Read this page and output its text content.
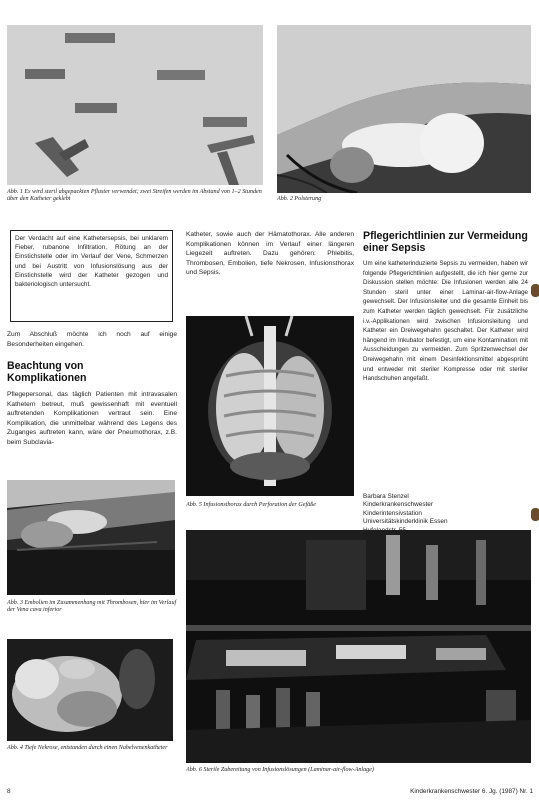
Abb. 1 Es wird steril abgepackten Pflaster verwendet; zwei Streifen werden im Abstand von 1–2 Stunden über den Katheter geklebt	Abb. 2 Polsterung
Der Verdacht auf eine Kathetersepsis, bei unklarem Fieber, rubanone Infiltration, Rötung an der Einstichstelle oder im Verlauf der Vene, Schmerzen und bei Austritt von Infusionslösung aus der Einstichstelle wird der Katheter gezogen und bakteriologisch untersucht.
Zum Abschluß möchte ich noch auf einige Besonderheiten eingehen.
Beachtung von Komplikationen
Pflegepersonal, das täglich Patienten mit intravasalen Kathetern betreut, muß gewissenhaft mit eventuell auftretenden Komplikationen vertraut sein. Eine Komplikation, die unmittelbar während des Legens des Zuganges auftreten kann, wäre der Pneumothorax, z.B. beim Subclavia-
Abb. 3 Embolien im Zusammenhang mit Thrombosen, hier im Verlauf der Vena cava inferior
Abb. 4 Tiefe Nekrose, entstanden durch einen Nabelvenenkatheter
Katheter, sowie auch der Hämatothorax. Alle anderen Komplikationen können im Verlauf einer längeren Liegezeit auftreten. Dazu gehören: Phlebitis, Thrombosen, Embolien, tiefe Nekrosen, Infusionsthorax und Sepsis.
Abb. 5 Infusionsthorax durch Perforation der Gefäße
Pflegerichtlinien zur Vermeidung einer Sepsis
Um eine katheterinduzierte Sepsis zu vermeiden, haben wir folgende Pflegerichtlinien aufgestellt, die ich hier gerne zur Diskussion stellen möchte: Die Infusionen werden alle 24 Stunden steril unter einer Laminar-air-flow-Anlage gewechselt. Der Infusionsleiter und die gesamte Einheit bis zum Katheter werden täglich gewechselt. Für zusätzliche i.v.-Applikationen wird zwischen Infusionsleitung und Katheter ein Dreiwegehahn geschaltet. Der Katheter wird hängend im Inkubator befestigt, um eine Kontamination mit Ausscheidungen zu vermeiden. Zum Spritzenwechsel der Dreiwegehahn mit einem Desinfektionsmittel abgesprüht und entweder mit steriler Kompresse oder mit steriler Handschuhen angefaßt.
Barbara Stenzel
Kinderkrankenschwester
Kinderintensivstation
Universitätskinderklinik Essen
Abb. 6 Sterile Zubereitung von Infusionslösungen (Laminar-air-flow-Anlage)
8	Kinderkrankenschwester 6. Jg. (1987) Nr. 1
